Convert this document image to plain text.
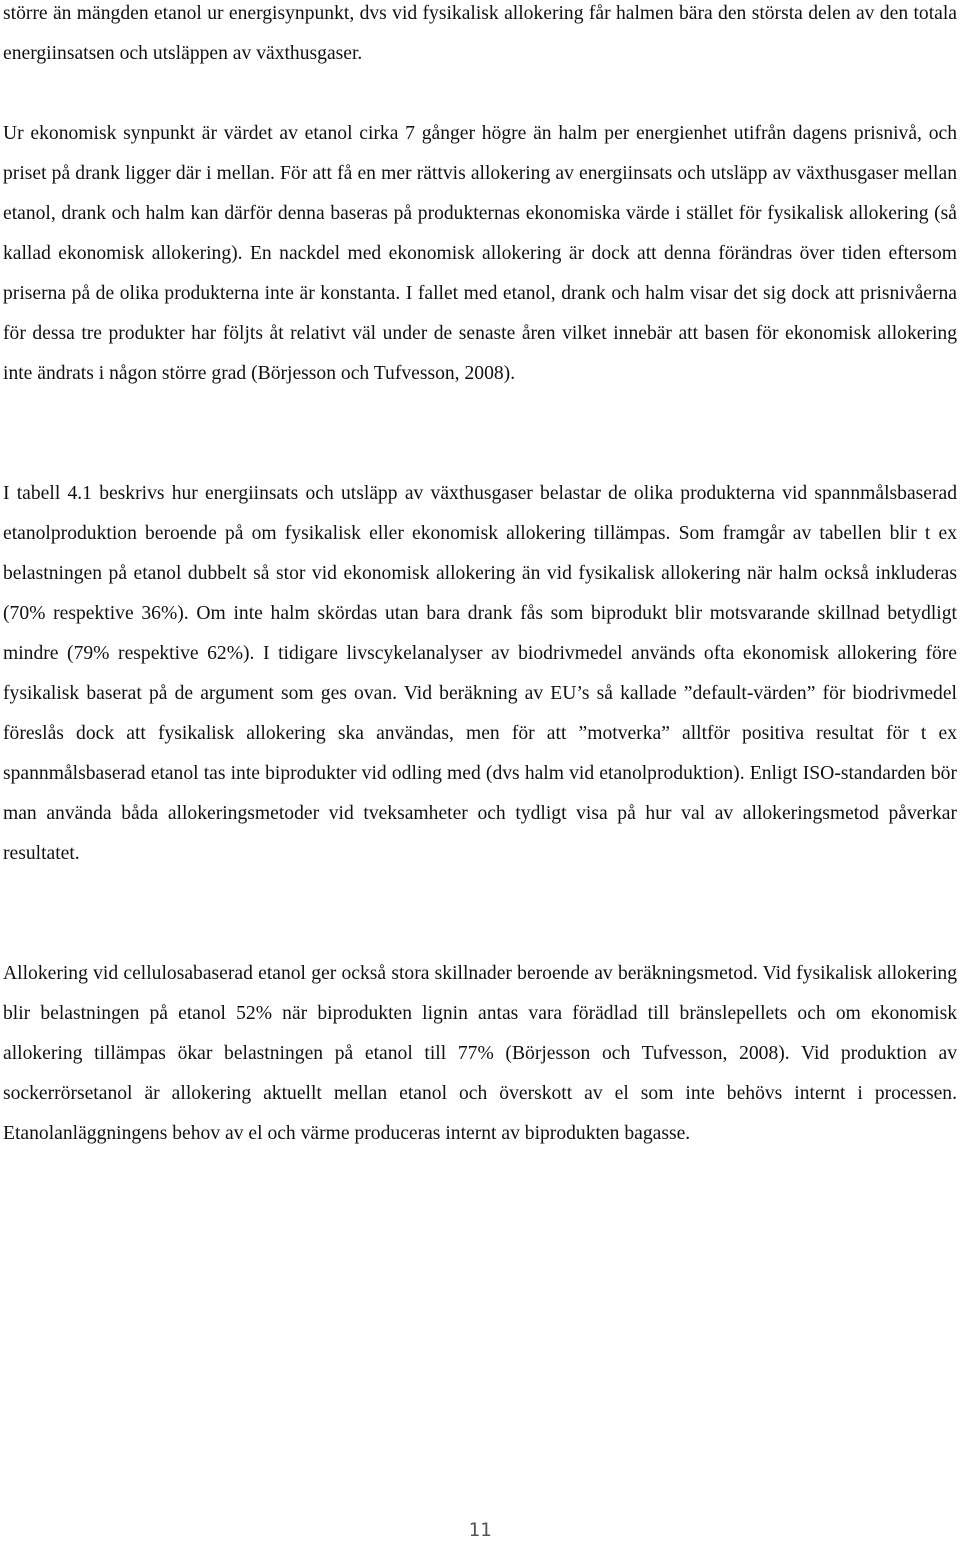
större än mängden etanol ur energisynpunkt, dvs vid fysikalisk allokering får halmen bära den största delen av den totala energiinsatsen och utsläppen av växthusgaser.

Ur ekonomisk synpunkt är värdet av etanol cirka 7 gånger högre än halm per energienhet utifrån dagens prisnivå, och priset på drank ligger där i mellan. För att få en mer rättvis allokering av energiinsats och utsläpp av växthusgaser mellan etanol, drank och halm kan därför denna baseras på produkternas ekonomiska värde i stället för fysikalisk allokering (så kallad ekonomisk allokering). En nackdel med ekonomisk allokering är dock att denna förändras över tiden eftersom priserna på de olika produkterna inte är konstanta. I fallet med etanol, drank och halm visar det sig dock att prisnivåerna för dessa tre produkter har följts åt relativt väl under de senaste åren vilket innebär att basen för ekonomisk allokering inte ändrats i någon större grad (Börjesson och Tufvesson, 2008).

I tabell 4.1 beskrivs hur energiinsats och utsläpp av växthusgaser belastar de olika produkterna vid spannmålsbaserad etanolproduktion beroende på om fysikalisk eller ekonomisk allokering tillämpas. Som framgår av tabellen blir t ex belastningen på etanol dubbelt så stor vid ekonomisk allokering än vid fysikalisk allokering när halm också inkluderas (70% respektive 36%). Om inte halm skördas utan bara drank fås som biprodukt blir motsvarande skillnad betydligt mindre (79% respektive 62%). I tidigare livscykelanalyser av biodrivmedel används ofta ekonomisk allokering före fysikalisk baserat på de argument som ges ovan. Vid beräkning av EU’s så kallade ”default-värden” för biodrivmedel föreslås dock att fysikalisk allokering ska användas, men för att ”motverka” alltför positiva resultat för t ex spannmålsbaserad etanol tas inte biprodukter vid odling med (dvs halm vid etanolproduktion). Enligt ISO-standarden bör man använda båda allokeringsmetoder vid tveksamheter och tydligt visa på hur val av allokeringsmetod påverkar resultatet.

Allokering vid cellulosabaserad etanol ger också stora skillnader beroende av beräkningsmetod. Vid fysikalisk allokering blir belastningen på etanol 52% när biprodukten lignin antas vara förädlad till bränslepellets och om ekonomisk allokering tillämpas ökar belastningen på etanol till 77% (Börjesson och Tufvesson, 2008). Vid produktion av sockerrörsetanol är allokering aktuellt mellan etanol och överskott av el som inte behövs internt i processen. Etanolanläggningens behov av el och värme produceras internt av biprodukten bagasse.

11
